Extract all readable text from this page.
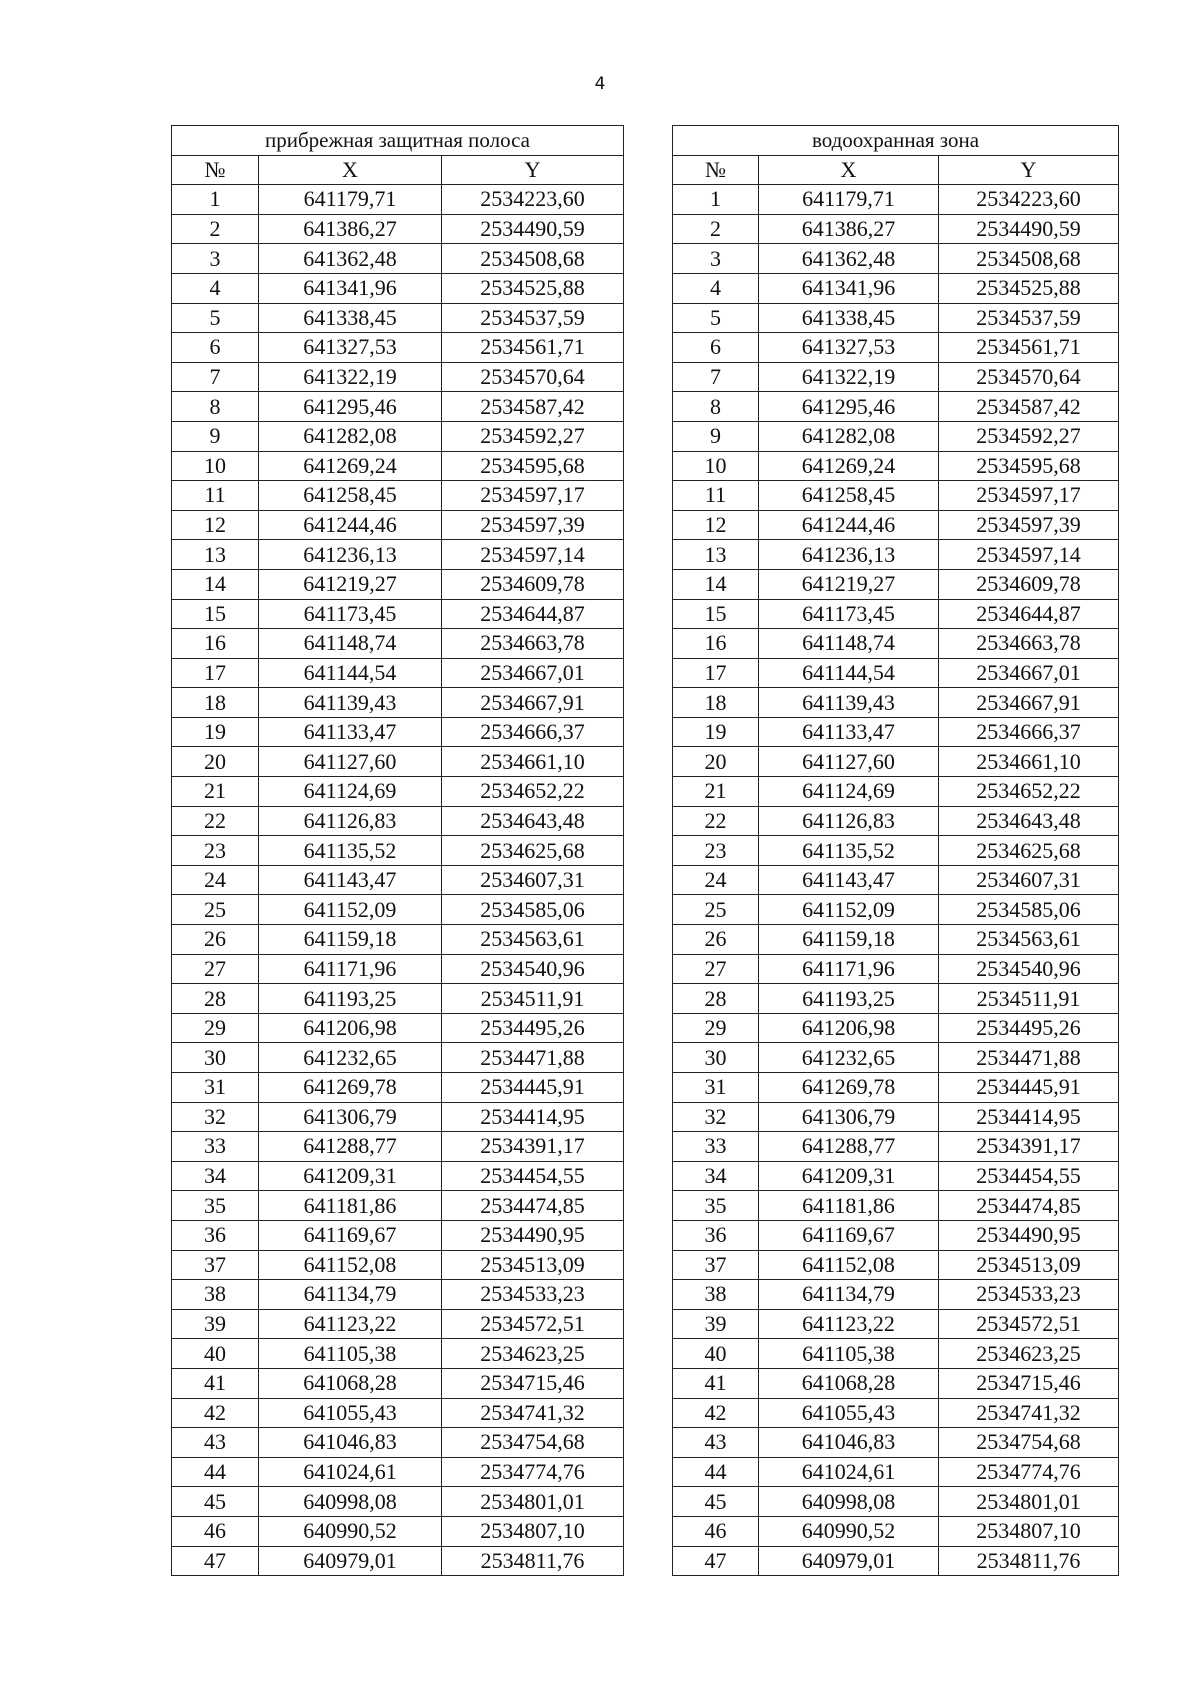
4
прибрежная защитная полоса		
№	X	Y
1	641179,71	2534223,60
2	641386,27	2534490,59
3	641362,48	2534508,68
4	641341,96	2534525,88
5	641338,45	2534537,59
6	641327,53	2534561,71
7	641322,19	2534570,64
8	641295,46	2534587,42
9	641282,08	2534592,27
10	641269,24	2534595,68
11	641258,45	2534597,17
12	641244,46	2534597,39
13	641236,13	2534597,14
14	641219,27	2534609,78
15	641173,45	2534644,87
16	641148,74	2534663,78
17	641144,54	2534667,01
18	641139,43	2534667,91
19	641133,47	2534666,37
20	641127,60	2534661,10
21	641124,69	2534652,22
22	641126,83	2534643,48
23	641135,52	2534625,68
24	641143,47	2534607,31
25	641152,09	2534585,06
26	641159,18	2534563,61
27	641171,96	2534540,96
28	641193,25	2534511,91
29	641206,98	2534495,26
30	641232,65	2534471,88
31	641269,78	2534445,91
32	641306,79	2534414,95
33	641288,77	2534391,17
34	641209,31	2534454,55
35	641181,86	2534474,85
36	641169,67	2534490,95
37	641152,08	2534513,09
38	641134,79	2534533,23
39	641123,22	2534572,51
40	641105,38	2534623,25
41	641068,28	2534715,46
42	641055,43	2534741,32
43	641046,83	2534754,68
44	641024,61	2534774,76
45	640998,08	2534801,01
46	640990,52	2534807,10
47	640979,01	2534811,76
водоохранная зона		
№	X	Y
1	641179,71	2534223,60
2	641386,27	2534490,59
3	641362,48	2534508,68
4	641341,96	2534525,88
5	641338,45	2534537,59
6	641327,53	2534561,71
7	641322,19	2534570,64
8	641295,46	2534587,42
9	641282,08	2534592,27
10	641269,24	2534595,68
11	641258,45	2534597,17
12	641244,46	2534597,39
13	641236,13	2534597,14
14	641219,27	2534609,78
15	641173,45	2534644,87
16	641148,74	2534663,78
17	641144,54	2534667,01
18	641139,43	2534667,91
19	641133,47	2534666,37
20	641127,60	2534661,10
21	641124,69	2534652,22
22	641126,83	2534643,48
23	641135,52	2534625,68
24	641143,47	2534607,31
25	641152,09	2534585,06
26	641159,18	2534563,61
27	641171,96	2534540,96
28	641193,25	2534511,91
29	641206,98	2534495,26
30	641232,65	2534471,88
31	641269,78	2534445,91
32	641306,79	2534414,95
33	641288,77	2534391,17
34	641209,31	2534454,55
35	641181,86	2534474,85
36	641169,67	2534490,95
37	641152,08	2534513,09
38	641134,79	2534533,23
39	641123,22	2534572,51
40	641105,38	2534623,25
41	641068,28	2534715,46
42	641055,43	2534741,32
43	641046,83	2534754,68
44	641024,61	2534774,76
45	640998,08	2534801,01
46	640990,52	2534807,10
47	640979,01	2534811,76
